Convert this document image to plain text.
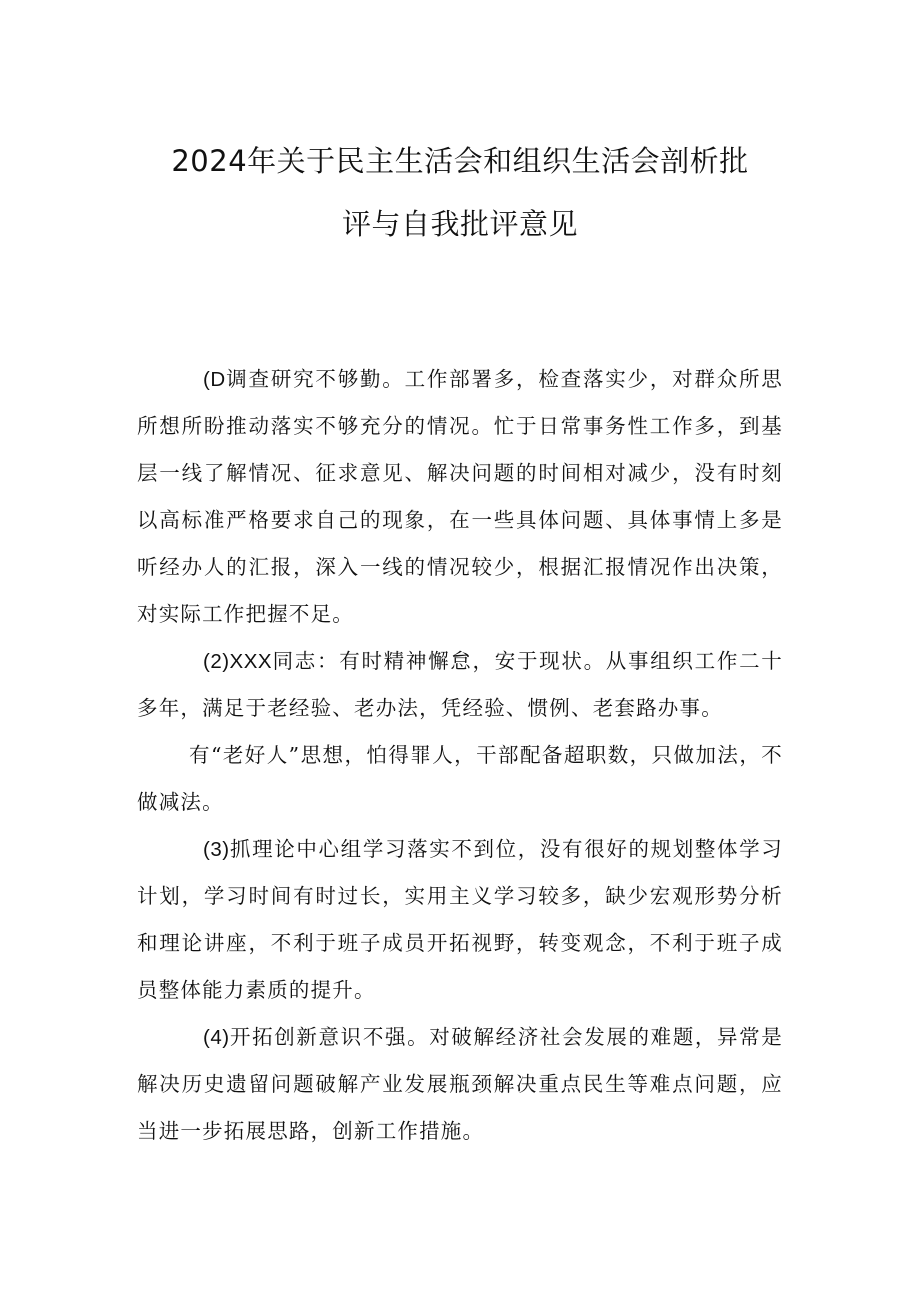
2024年关于民主生活会和组织生活会剖析批
评与自我批评意见

(D调查研究不够勤。工作部署多，检查落实少，对群众所思所想所盼推动落实不够充分的情况。忙于日常事务性工作多，到基层一线了解情况、征求意见、解决问题的时间相对减少，没有时刻以高标准严格要求自己的现象，在一些具体问题、具体事情上多是听经办人的汇报，深入一线的情况较少，根据汇报情况作出决策，对实际工作把握不足。

(2)XXX同志：有时精神懈怠，安于现状。从事组织工作二十多年，满足于老经验、老办法，凭经验、惯例、老套路办事。

有“老好人”思想，怕得罪人，干部配备超职数，只做加法，不做减法。

(3)抓理论中心组学习落实不到位，没有很好的规划整体学习计划，学习时间有时过长，实用主义学习较多，缺少宏观形势分析和理论讲座，不利于班子成员开拓视野，转变观念，不利于班子成员整体能力素质的提升。

(4)开拓创新意识不强。对破解经济社会发展的难题，异常是解决历史遗留问题破解产业发展瓶颈解决重点民生等难点问题，应当进一步拓展思路，创新工作措施。
